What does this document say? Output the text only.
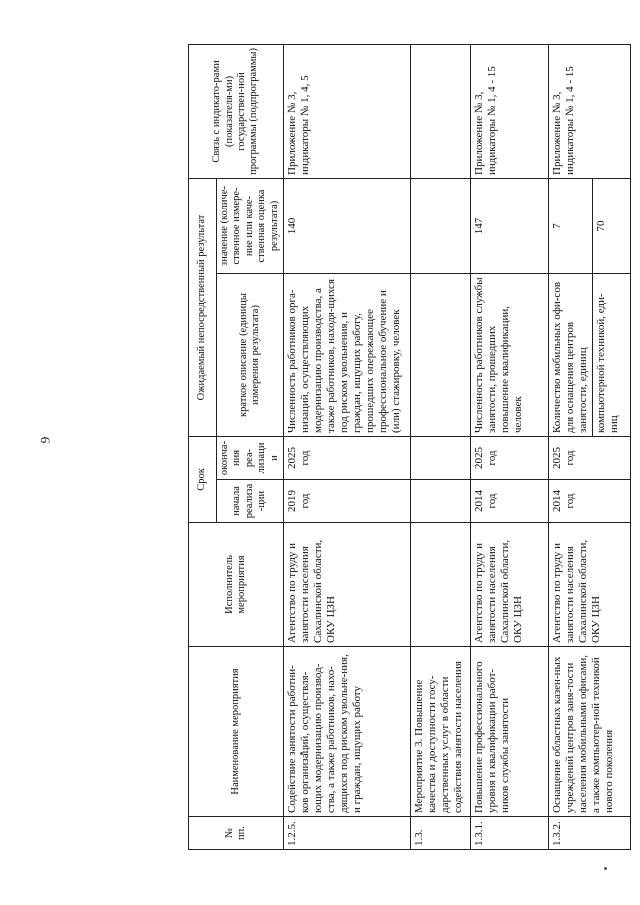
9
№ пп.	Наименование мероприятия	Исполнитель мероприятия	Срок		Ожидаемый непосредственный результат		Связь с индикато-рами (показателя-ми) государствен-ной программы (подпрограммы)
			начала реализа-ции	оконча-ния реа-лизации	краткое описание (единицы измерения результата)	значение (количе-ственное измере-ние или каче-ственная оценка результата)	
1.2.5.	Содействие занятости работни-ков организаций, осуществля-ющих модернизацию производ-ства, а также работников, нахо-дящихся под риском увольне-ния, и граждан, ищущих работу	Агентство по труду и занятости населения Сахалинской области, ОКУ ЦЗН	2019 год	2025 год	Численность работников орга-низаций, осуществляющих модернизацию производства, а также работников, находя-щихся под риском увольнения, и граждан, ищущих работу, прошедших опережающее профессиональное обучение и (или) стажировку, человек	140	Приложение № 3, индикаторы № 1, 4, 5
1.3.	Мероприятие 3. Повышение качества и доступности госу-дарственных услуг в области содействия занятости населения						
1.3.1.	Повышение профессионального уровня и квалификации работ-ников службы занятости	Агентство по труду и занятости населения Сахалинской области, ОКУ ЦЗН	2014 год	2025 год	Численность работников службы занятости, прошедших повышение квалификации, человек	147	Приложение № 3, индикаторы № 1, 4 - 15
1.3.2.	Оснащение областных казен-ных учреждений центров заня-тости населения мобильными офисами, а также компьютер-ной техникой нового поколения	Агентство по труду и занятости населения Сахалинской области, ОКУ ЦЗН	2014 год	2025 год	Количество мобильных офи-сов для оснащения центров занятости, единиц	7	Приложение № 3, индикаторы № 1, 4 - 15
					компьютерной техникой, еди-ниц	70	
